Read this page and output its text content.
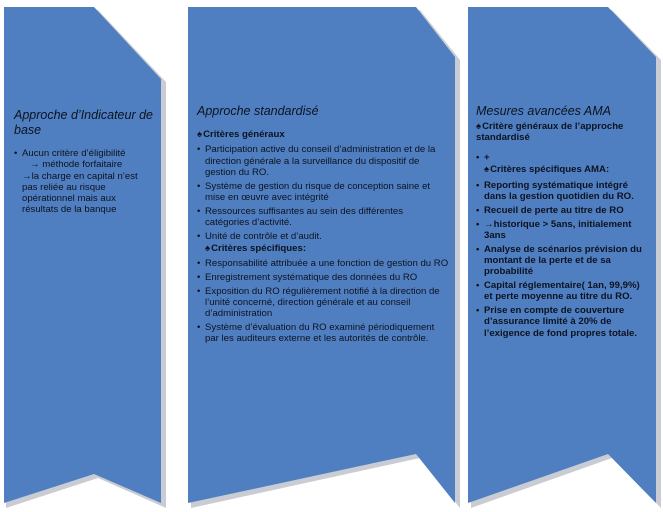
Approche d’Indicateur de base
• Aucun critère d’éligibilité
→ méthode forfaitaire
→la charge en capital n’est pas reliée au risque opérationnel mais aux résultats de la banque
Approche standardisé
♠Critères généraux
• Participation active du conseil d’administration et de la direction générale a la surveillance du dispositif de gestion du RO.
• Système de gestion du risque de conception saine et mise en œuvre avec intégrité
• Ressources suffisantes au sein des différentes catégories d’activité.
• Unité de contrôle et d’audit.
♠Critères spécifiques:
• Responsabilité attribuée a une fonction de gestion du RO
• Enregistrement systématique des données du RO
• Exposition du RO régulièrement notifié à la direction de l’unité concerné, direction générale et au conseil d’administration
• Système d’évaluation du RO examiné périodiquement par les auditeurs externe et les autorités de contrôle.
Mesures avancées AMA
♠Critère généraux de l’approche standardisé
• +
♠Critères spécifiques AMA:
• Reporting systématique intégré dans la gestion quotidien du RO.
• Recueil de perte au titre de RO
• →historique > 5ans, initialement 3ans
• Analyse de scénarios prévision du montant de la perte et de sa probabilité
• Capital réglementaire( 1an, 99,9%) et perte moyenne au titre du RO.
• Prise en compte de couverture d’assurance limité à 20% de l’exigence de fond propres totale.
